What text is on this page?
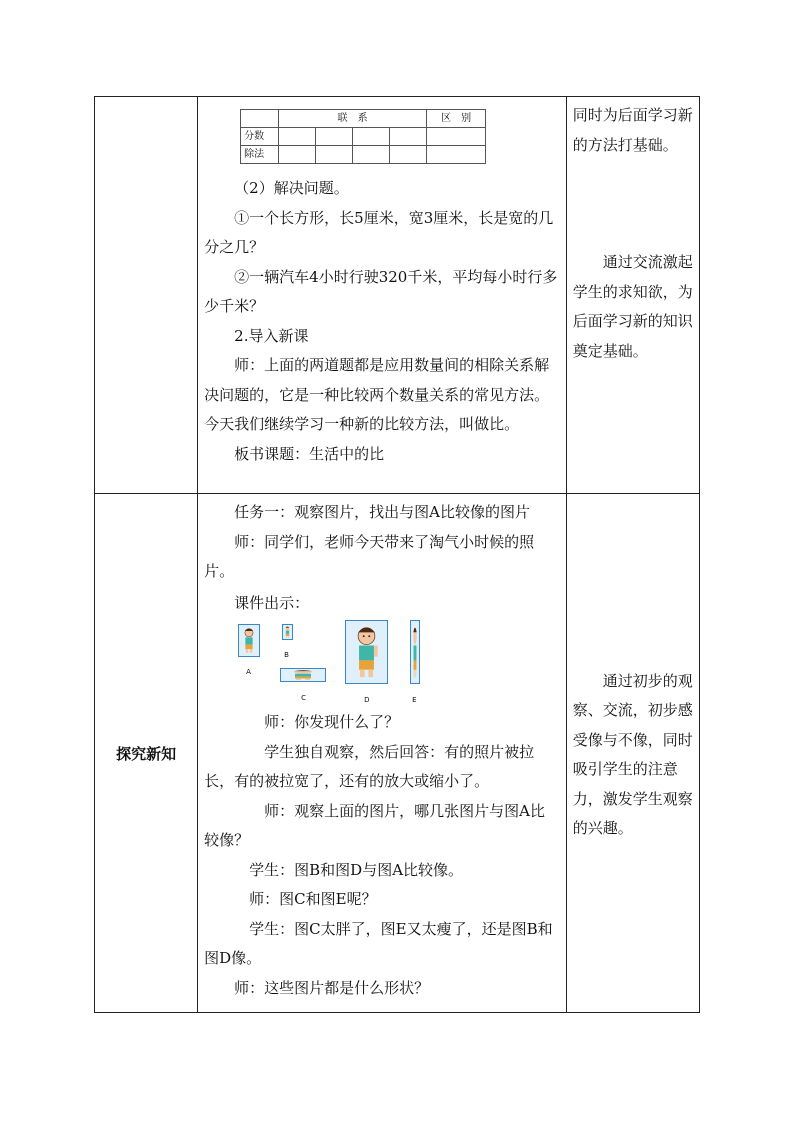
	联　系	区　别
分数					
除法					

（2）解决问题。

①一个长方形，长5厘米，宽3厘米，长是宽的几分之几？

②一辆汽车4小时行驶320千米，平均每小时行多少千米？

2.导入新课

师：上面的两道题都是应用数量间的相除关系解决问题的，它是一种比较两个数量关系的常见方法。今天我们继续学习一种新的比较方法，叫做比。

板书课题：生活中的比

同时为后面学习新的方法打基础。

通过交流激起学生的求知欲，为后面学习新的知识奠定基础。

探究新知	

任务一：观察图片，找出与图A比较像的图片

师：同学们，老师今天带来了淘气小时候的照片。

课件出示：

A
B
C	D	E

师：你发现什么了？

学生独自观察，然后回答：有的照片被拉长，有的被拉宽了，还有的放大或缩小了。

师：观察上面的图片，哪几张图片与图A比较像？

学生：图B和图D与图A比较像。

师：图C和图E呢？

学生：图C太胖了，图E又太瘦了，还是图B和图D像。

师：这些图片都是什么形状？

通过初步的观察、交流，初步感受像与不像，同时吸引学生的注意力，激发学生观察的兴趣。
